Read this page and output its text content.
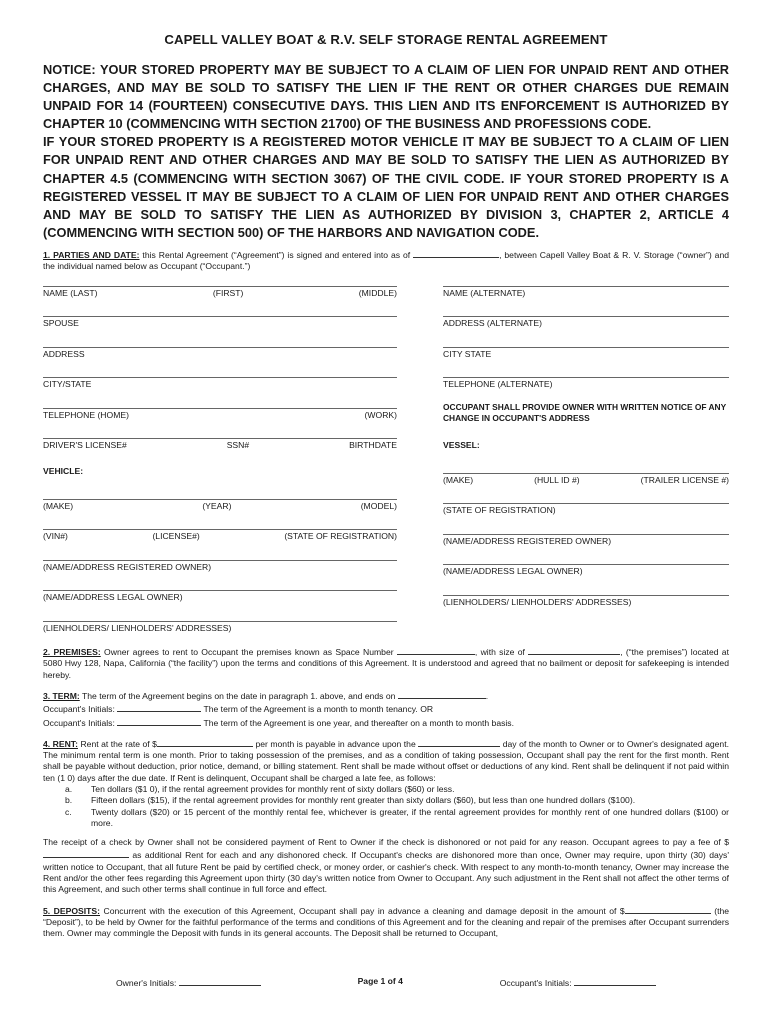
CAPELL VALLEY BOAT & R.V. SELF STORAGE RENTAL AGREEMENT

NOTICE: YOUR STORED PROPERTY MAY BE SUBJECT TO A CLAIM OF LIEN FOR UNPAID RENT AND OTHER CHARGES, AND MAY BE SOLD TO SATISFY THE LIEN IF THE RENT OR OTHER CHARGES DUE REMAIN UNPAID FOR 14 (FOURTEEN) CONSECUTIVE DAYS. THIS LIEN AND ITS ENFORCEMENT IS AUTHORIZED BY CHAPTER 10 (COMMENCING WITH SECTION 21700) OF THE BUSINESS AND PROFESSIONS CODE.

IF YOUR STORED PROPERTY IS A REGISTERED MOTOR VEHICLE IT MAY BE SUBJECT TO A CLAIM OF LIEN FOR UNPAID RENT AND OTHER CHARGES AND MAY BE SOLD TO SATISFY THE LIEN AS AUTHORIZED BY CHAPTER 4.5 (COMMENCING WITH SECTION 3067) OF THE CIVIL CODE. IF YOUR STORED PROPERTY IS A REGISTERED VESSEL IT MAY BE SUBJECT TO A CLAIM OF LIEN FOR UNPAID RENT AND OTHER CHARGES AND MAY BE SOLD TO SATISFY THE LIEN AS AUTHORIZED BY DIVISION 3, CHAPTER 2, ARTICLE 4 (COMMENCING WITH SECTION 500) OF THE HARBORS AND NAVIGATION CODE.

1. PARTIES AND DATE: this Rental Agreement (“Agreement”) is signed and entered into as of	, between Capell Valley Boat & R. V. Storage (“owner”) and the individual named below as Occupant (“Occupant.”)
NAME (LAST)	(FIRST)	(MIDDLE)
SPOUSE
ADDRESS
CITY/STATE
TELEPHONE (HOME)	(WORK)
DRIVER'S LICENSE#	SSN#	BIRTHDATE
VEHICLE:
(MAKE)	(YEAR)	(MODEL)
(VIN#)	(LICENSE#)	(STATE OF REGISTRATION)
(NAME/ADDRESS REGISTERED OWNER)
(NAME/ADDRESS LEGAL OWNER)
(LIENHOLDERS/ LIENHOLDERS' ADDRESSES)
NAME (ALTERNATE)
ADDRESS (ALTERNATE)
CITY STATE
TELEPHONE (ALTERNATE)
OCCUPANT SHALL PROVIDE OWNER WITH WRITTEN NOTICE OF ANY CHANGE IN OCCUPANT'S ADDRESS
VESSEL:
(MAKE)	(HULL ID #)	(TRAILER LICENSE #)
(STATE OF REGISTRATION)
(NAME/ADDRESS REGISTERED OWNER)
(NAME/ADDRESS LEGAL OWNER)
(LIENHOLDERS/ LIENHOLDERS' ADDRESSES)
2. PREMISES: Owner agrees to rent to Occupant the premises known as Space Number	, with size of	, (“the premises”) located at 5080 Hwy 128, Napa, California (“the facility”) upon the terms and conditions of this Agreement. It is understood and agreed that no bailment or deposit for safekeeping is intended hereby.
3. TERM: The term of the Agreement begins on the date in paragraph 1. above, and ends on	.
Occupant's Initials:	The term of the Agreement is a month to month tenancy. OR
Occupant's Initials:	The term of the Agreement is one year, and thereafter on a month to month basis.
4. RENT: Rent at the rate of $	per month is payable in advance upon the	day of the month to Owner or to Owner's designated agent. The minimum rental term is one month. Prior to taking possession of the premises, and as a condition of taking possession, Occupant shall pay the rent for the first month. Rent shall be payable without deduction, prior notice, demand, or billing statement. Rent shall be made without offset or deductions of any kind. Rent shall be delinquent if not paid within ten (1 0) days after the due date. If Rent is delinquent, Occupant shall be charged a late fee, as follows:
a. Ten dollars ($1 0), if the rental agreement provides for monthly rent of sixty dollars ($60) or less.
b. Fifteen dollars ($15), if the rental agreement provides for monthly rent greater than sixty dollars ($60), but less than one hundred dollars ($100).
c. Twenty dollars ($20) or 15 percent of the monthly rental fee, whichever is greater, if the rental agreement provides for monthly rent of one hundred dollars ($100) or more.
The receipt of a check by Owner shall not be considered payment of Rent to Owner if the check is dishonored or not paid for any reason. Occupant agrees to pay a fee of $ as additional Rent for each and any dishonored check. If Occupant's checks are dishonored more than once, Owner may require, upon thirty (30) days' written notice to Occupant, that all future Rent be paid by certified check, or money order, or cashier's check. With respect to any month-to-month tenancy, Owner may increase the Rent and/or the other fees regarding this Agreement upon thirty (30 day's written notice from Owner to Occupant. Any such adjustment in the Rent shall not affect the other terms of this Agreement, and such other terms shall continue in full force and effect.
5. DEPOSITS: Concurrent with the execution of this Agreement, Occupant shall pay in advance a cleaning and damage deposit in the amount of $	(the “Deposit”), to be held by Owner for the faithful performance of the terms and conditions of this Agreement and for the cleaning and repair of the premises after Occupant surrenders them. Owner may commingle the Deposit with funds in its general accounts. The Deposit shall be returned to Occupant,
Owner's Initials:	Page 1 of 4	Occupant's Initials:
